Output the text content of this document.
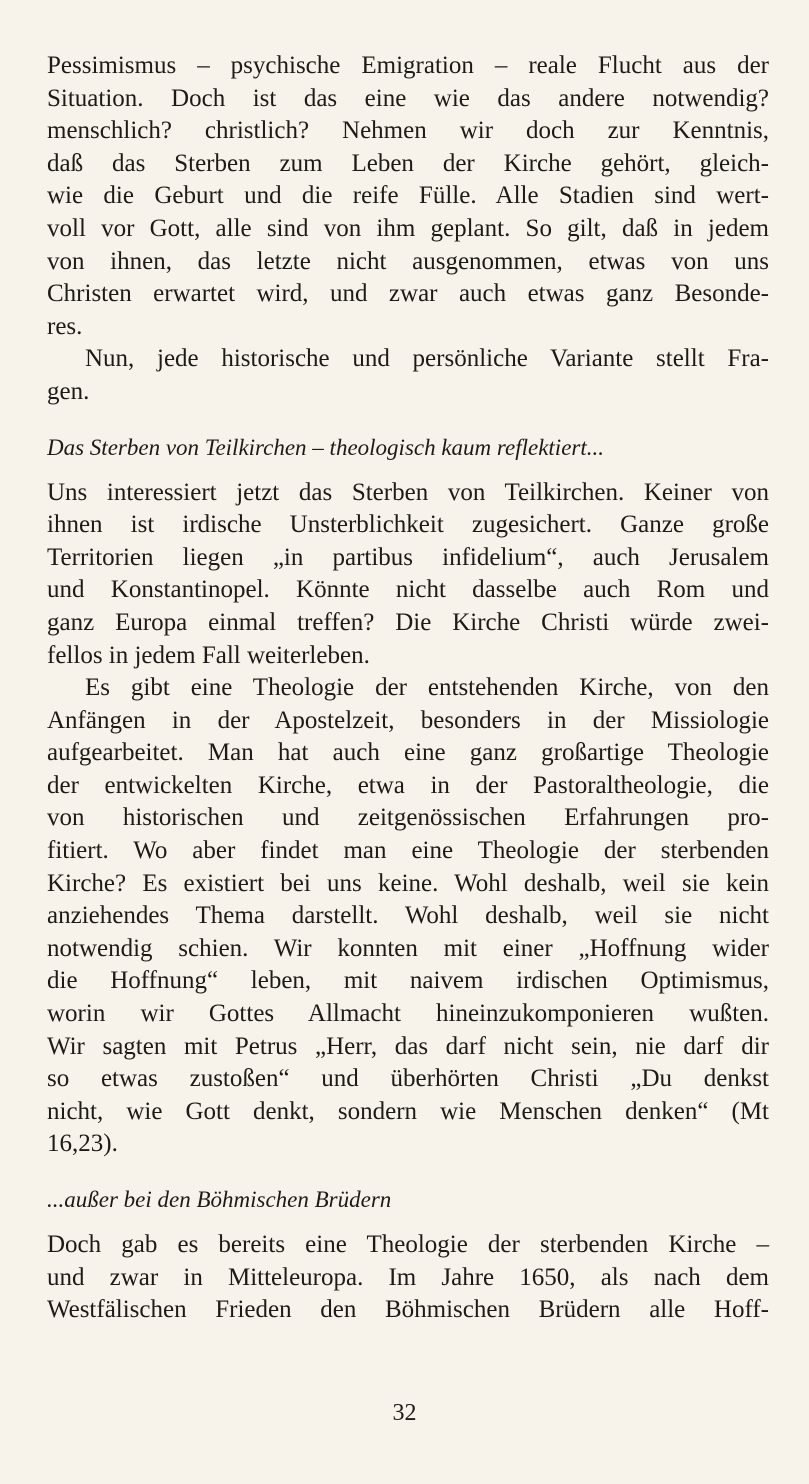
Pessimismus – psychische Emigration – reale Flucht aus der
Situation. Doch ist das eine wie das andere notwendig?
menschlich? christlich? Nehmen wir doch zur Kenntnis,
daß das Sterben zum Leben der Kirche gehört, gleich-
wie die Geburt und die reife Fülle. Alle Stadien sind wert-
voll vor Gott, alle sind von ihm geplant. So gilt, daß in jedem
von ihnen, das letzte nicht ausgenommen, etwas von uns
Christen erwartet wird, und zwar auch etwas ganz Besonde-
res.
Nun, jede historische und persönliche Variante stellt Fra-
gen.
Das Sterben von Teilkirchen – theologisch kaum reflektiert...
Uns interessiert jetzt das Sterben von Teilkirchen. Keiner von
ihnen ist irdische Unsterblichkeit zugesichert. Ganze große
Territorien liegen „in partibus infidelium“, auch Jerusalem
und Konstantinopel. Könnte nicht dasselbe auch Rom und
ganz Europa einmal treffen? Die Kirche Christi würde zwei-
fellos in jedem Fall weiterleben.
Es gibt eine Theologie der entstehenden Kirche, von den
Anfängen in der Apostelzeit, besonders in der Missiologie
aufgearbeitet. Man hat auch eine ganz großartige Theologie
der entwickelten Kirche, etwa in der Pastoraltheologie, die
von historischen und zeitgenössischen Erfahrungen pro-
fitiert. Wo aber findet man eine Theologie der sterbenden
Kirche? Es existiert bei uns keine. Wohl deshalb, weil sie kein
anziehendes Thema darstellt. Wohl deshalb, weil sie nicht
notwendig schien. Wir konnten mit einer „Hoffnung wider
die Hoffnung“ leben, mit naivem irdischen Optimismus,
worin wir Gottes Allmacht hineinzukomponieren wußten.
Wir sagten mit Petrus „Herr, das darf nicht sein, nie darf dir
so etwas zustoßen“ und überhörten Christi „Du denkst
nicht, wie Gott denkt, sondern wie Menschen denken“ (Mt
16,23).
...außer bei den Böhmischen Brüdern
Doch gab es bereits eine Theologie der sterbenden Kirche –
und zwar in Mitteleuropa. Im Jahre 1650, als nach dem
Westfälischen Frieden den Böhmischen Brüdern alle Hoff-
32
